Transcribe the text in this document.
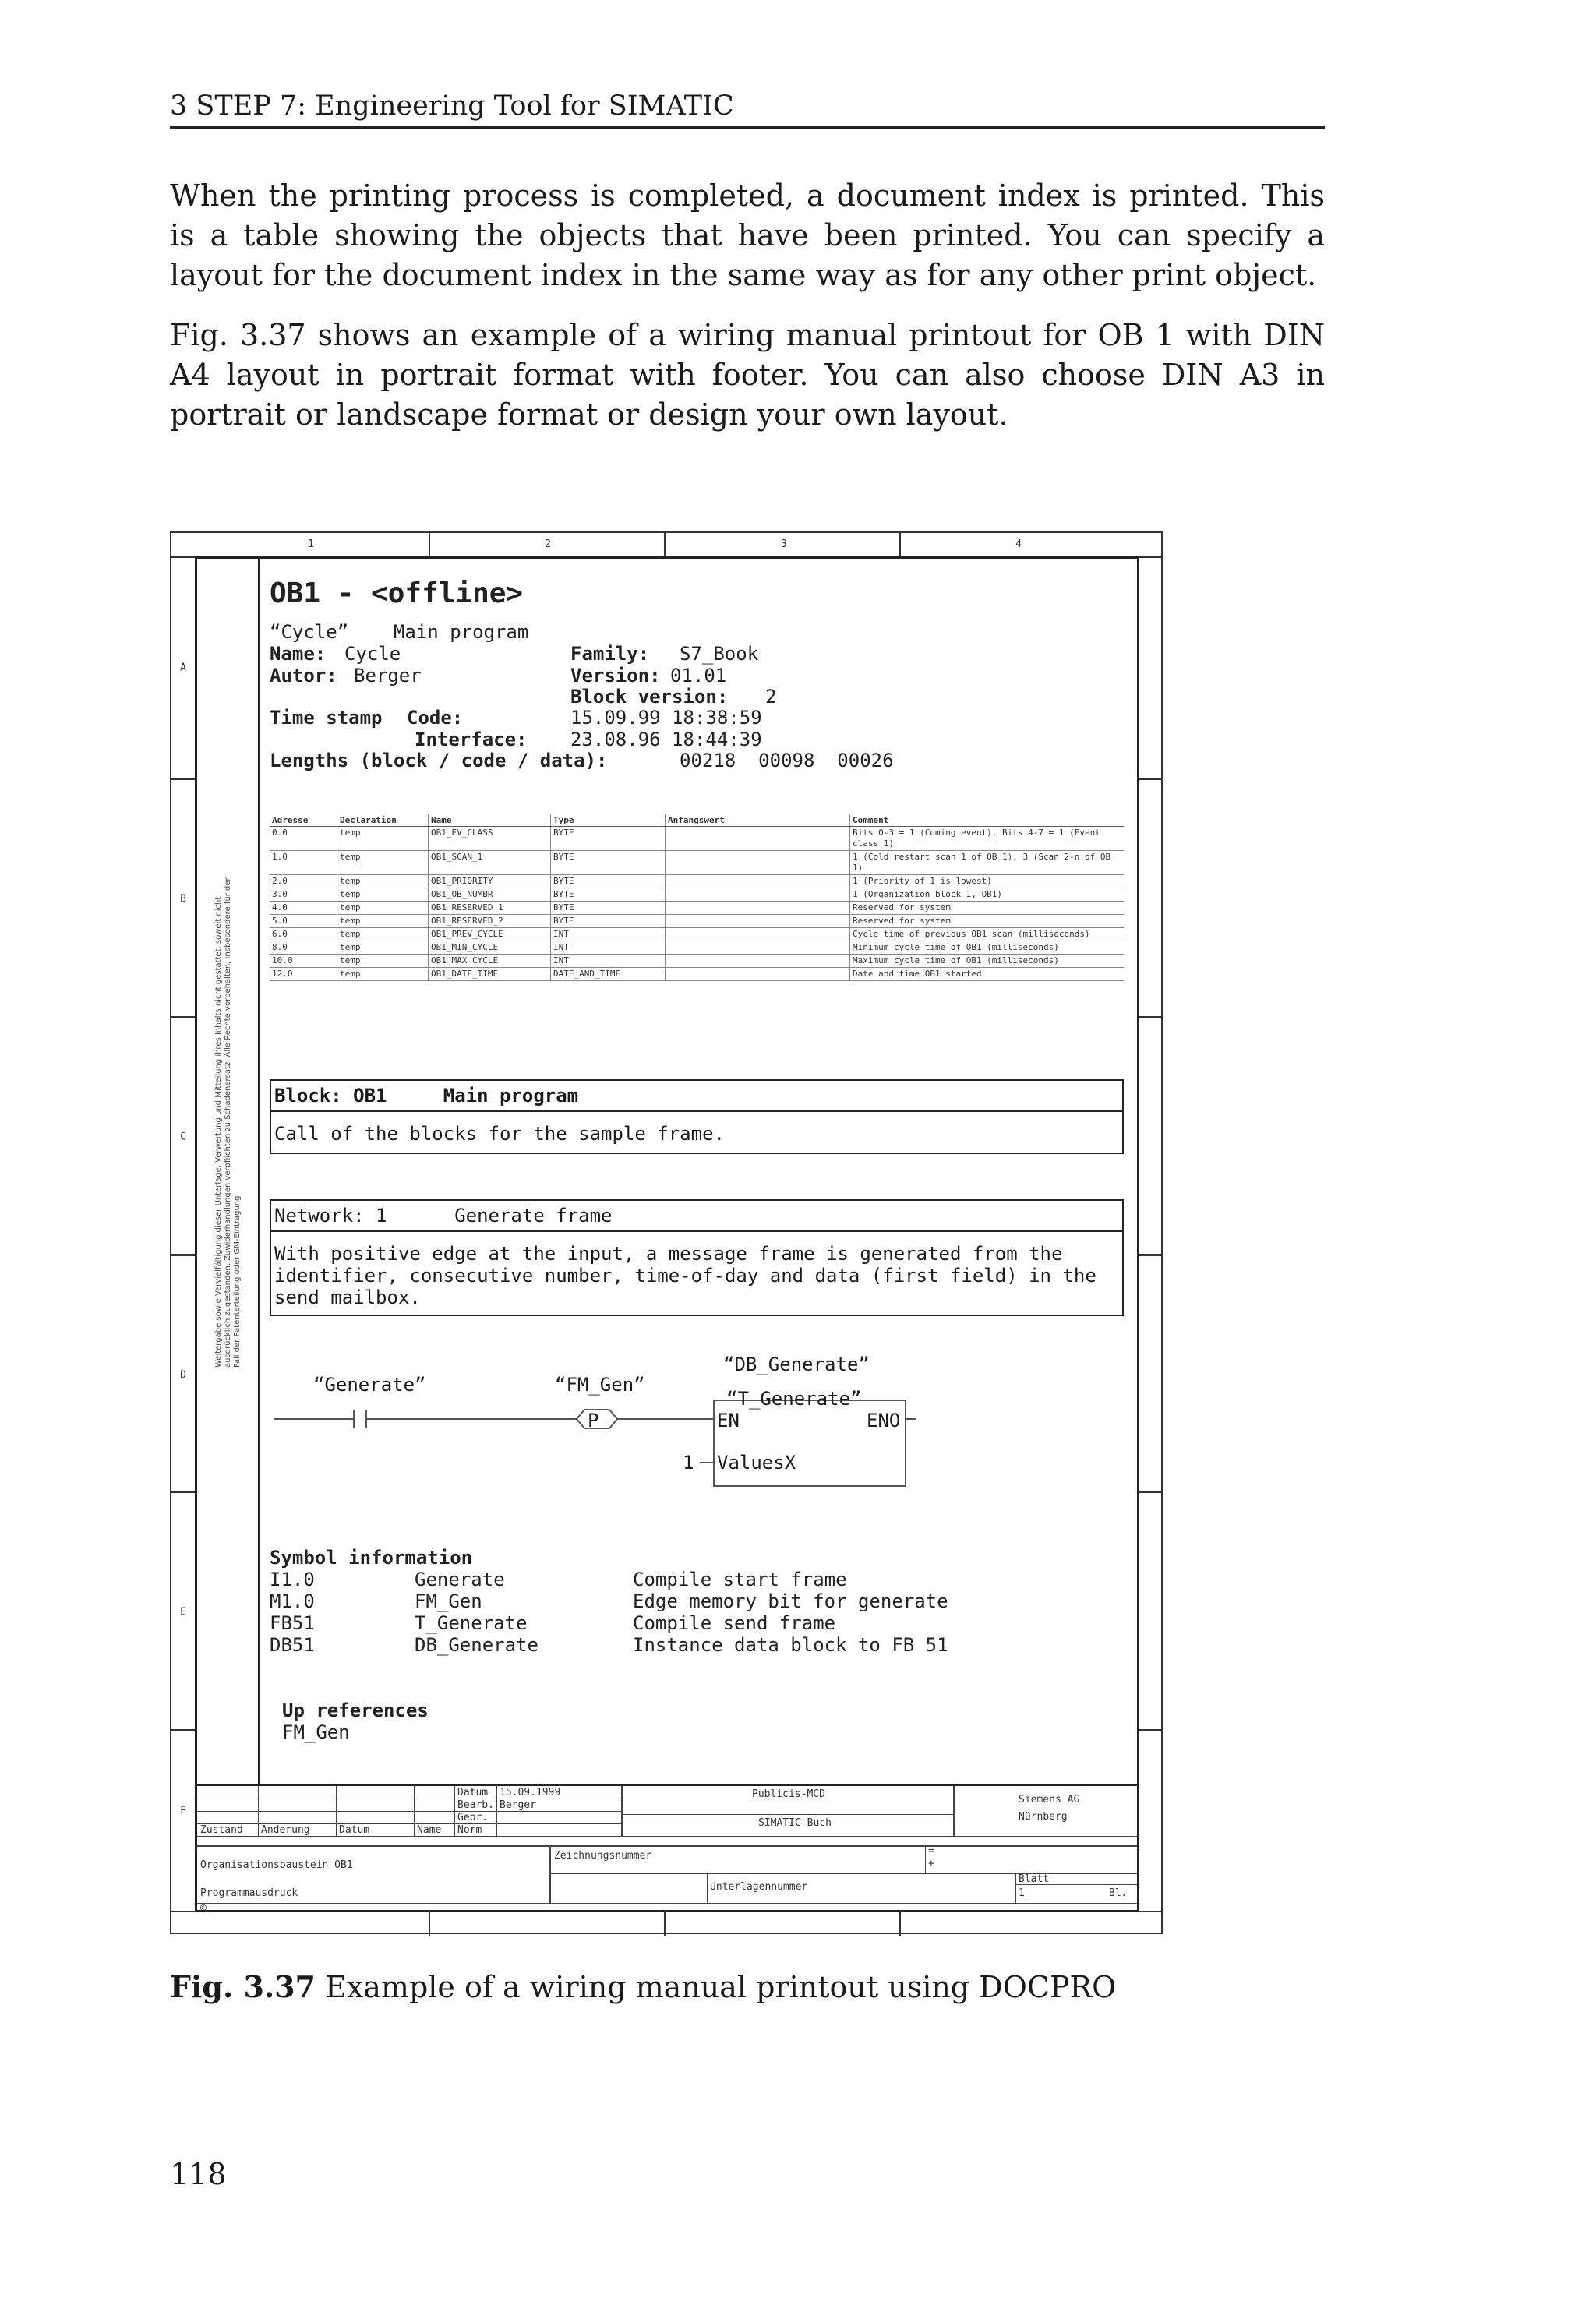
3 STEP 7: Engineering Tool for SIMATIC

When the printing process is completed, a document index is printed. This is a table showing the objects that have been printed. You can specify a layout for the document index in the same way as for any other print object.

Fig. 3.37 shows an example of a wiring manual printout for OB 1 with DIN A4 layout in portrait format with footer. You can also choose DIN A3 in portrait or landscape format or design your own layout.

1	2	3	4
A
B
C
D
E
F
Weitergabe sowie Vervielfältigung dieser Unterlage, Verwertung und Mitteilung ihres Inhalts nicht gestattet, soweit nicht ausdrücklich zugestanden. Zuwiderhandlungen verpflichten zu Schadenersatz. Alle Rechte vorbehalten, insbesondere für den Fall der Patenterteilung oder GM-Eintragung
OB1 - <offline>
“Cycle”    Main program
Name: Cycle	Family: S7_Book
Autor: Berger	Version: 01.01
Block version: 2
Time stamp Code:	15.09.99 18:38:59
Interface: 23.08.96 18:44:39
Lengths (block / code / data):	00218  00098  00026
Adresse	Declaration	Name	Type	Anfangswert	Comment
0.0	temp	OB1_EV_CLASS	BYTE		Bits 0-3 = 1 (Coming event), Bits 4-7 = 1 (Event class 1)
1.0	temp	OB1_SCAN_1	BYTE		1 (Cold restart scan 1 of OB 1), 3 (Scan 2-n of OB 1)
2.0	temp	OB1_PRIORITY	BYTE		1 (Priority of 1 is lowest)
3.0	temp	OB1_OB_NUMBR	BYTE		1 (Organization block 1, OB1)
4.0	temp	OB1_RESERVED_1	BYTE		Reserved for system
5.0	temp	OB1_RESERVED_2	BYTE		Reserved for system
6.0	temp	OB1_PREV_CYCLE	INT		Cycle time of previous OB1 scan (milliseconds)
8.0	temp	OB1_MIN_CYCLE	INT		Minimum cycle time of OB1 (milliseconds)
10.0	temp	OB1_MAX_CYCLE	INT		Maximum cycle time of OB1 (milliseconds)
12.0	temp	OB1_DATE_TIME	DATE_AND_TIME		Date and time OB1 started
Block: OB1     Main program
Call of the blocks for the sample frame.
Network: 1      Generate frame
With positive edge at the input, a message frame is generated from the identifier, consecutive number, time-of-day and data (first field) in the send mailbox.
“Generate”	“FM_Gen”
“DB_Generate”
P
“T_Generate”
EN	ENO
1 ValuesX
Symbol information
I1.0	Generate	Compile start frame
M1.0	FM_Gen	Edge memory bit for generate
FB51	T_Generate	Compile send frame
DB51	DB_Generate	Instance data block to FB 51
Up references
FM_Gen
Datum 15.09.1999
Bearb. Berger
Gepr.
Norm
Zustand Änderung	Datum	Name
Publicis-MCD
SIMATIC-Buch
Siemens AG
Nürnberg
Organisationsbaustein OB1
Programmausdruck
©
Zeichnungsnummer	=
+
Unterlagennummer
Blatt
1	Bl.
Fig. 3.37 Example of a wiring manual printout using DOCPRO
118
